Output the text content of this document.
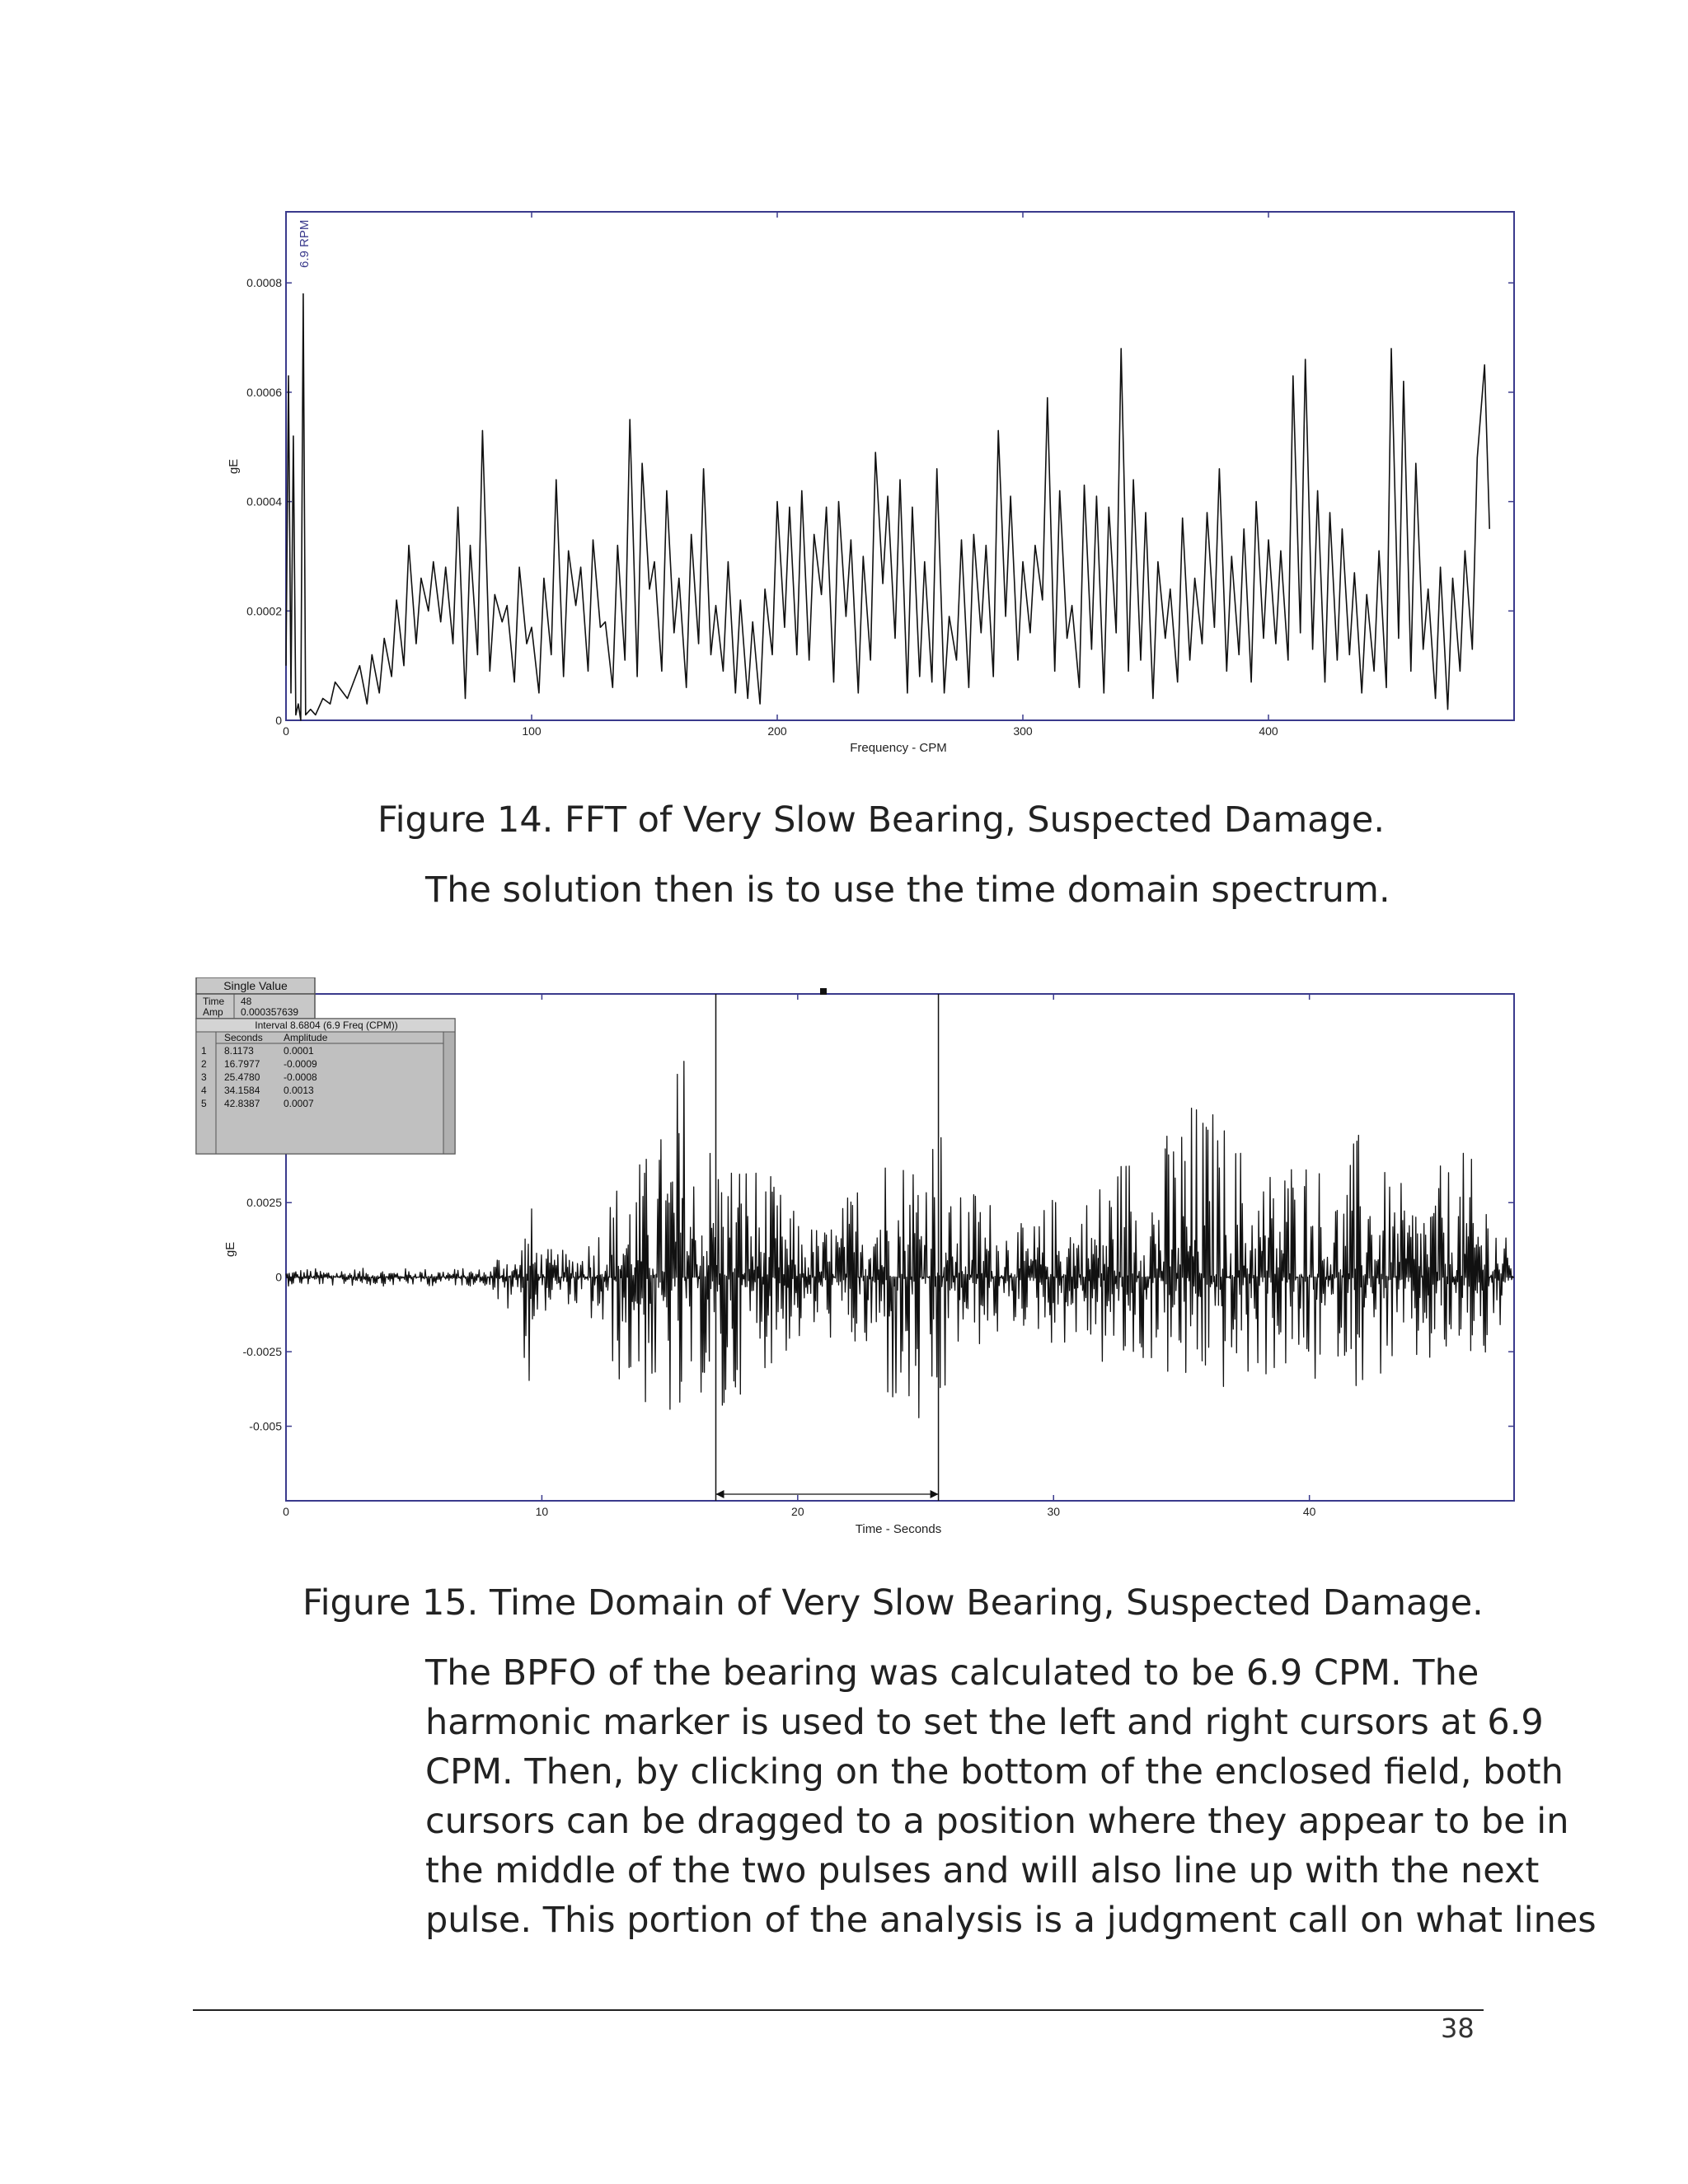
0	100	200	300	400
0
0.0002
0.0004
0.0006
0.0008
Frequency - CPM
gE
6.9 RPM

Figure 14. FFT of Very Slow Bearing, Suspected Damage.

The solution then is to use the time domain spectrum.

0	10	20	30	40
-0.005
-0.0025
0
0.0025
Time - Seconds
gE
Single Value
Time 48
Amp 0.000357639
Interval 8.6804 (6.9 Freq (CPM))
Seconds Amplitude
1 8.1173	0.0001
2 16.7977 -0.0009
3 25.4780 -0.0008
4 34.1584 0.0013
5 42.8387 0.0007

Figure 15. Time Domain of Very Slow Bearing, Suspected Damage.

The BPFO of the bearing was calculated to be 6.9 CPM. The
harmonic marker is used to set the left and right cursors at 6.9
CPM. Then, by clicking on the bottom of the enclosed field, both
cursors can be dragged to a position where they appear to be in
the middle of the two pulses and will also line up with the next
pulse. This portion of the analysis is a judgment call on what lines
38
